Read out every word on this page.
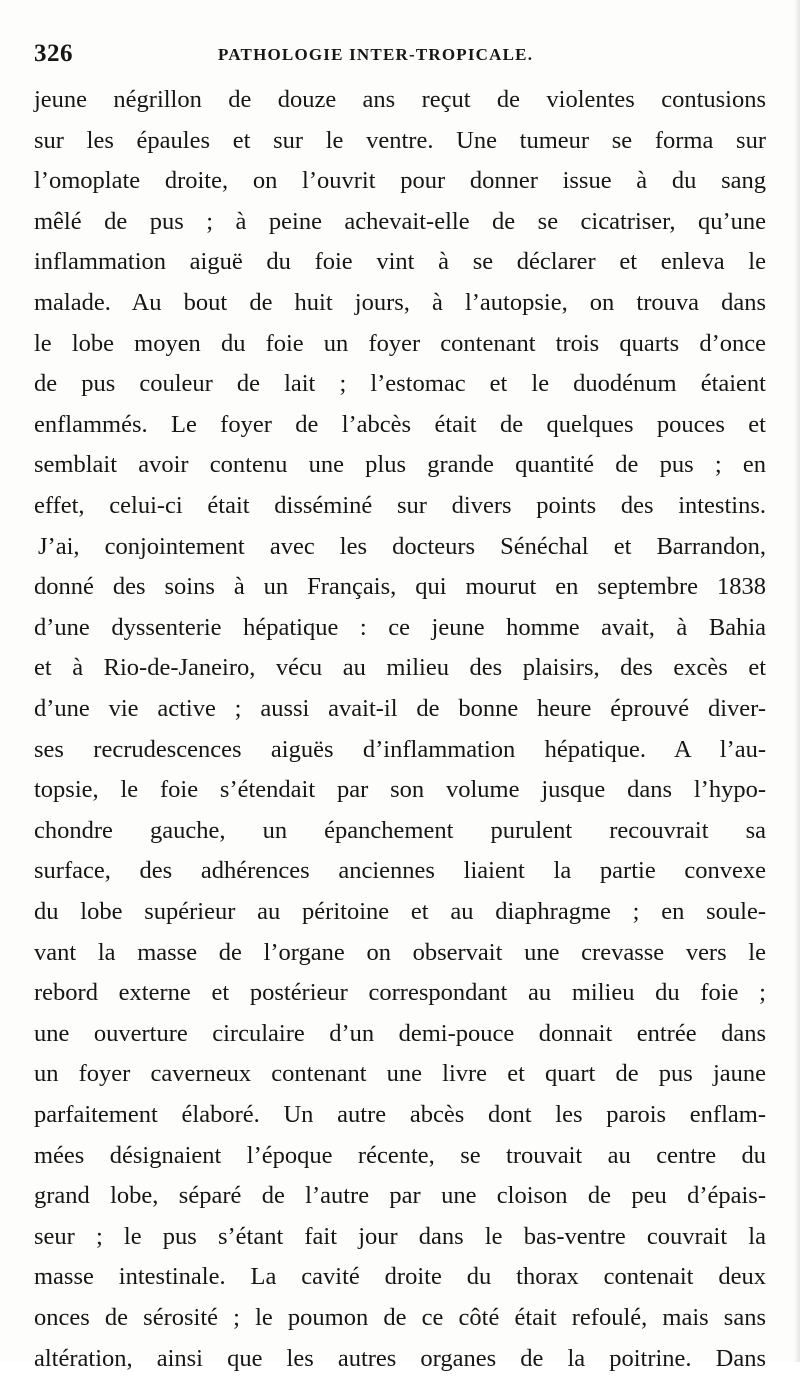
326	PATHOLOGIE INTER-TROPICALE.
jeune négrillon de douze ans reçut de violentes contusions
sur les épaules et sur le ventre. Une tumeur se forma sur
l’omoplate droite, on l’ouvrit pour donner issue à du sang
mêlé de pus ; à peine achevait-elle de se cicatriser, qu’une
inflammation aiguë du foie vint à se déclarer et enleva le
malade. Au bout de huit jours, à l’autopsie, on trouva dans
le lobe moyen du foie un foyer contenant trois quarts d’once
de pus couleur de lait ; l’estomac et le duodénum étaient
enflammés. Le foyer de l’abcès était de quelques pouces et
semblait avoir contenu une plus grande quantité de pus ; en
effet, celui-ci était disséminé sur divers points des intestins.
J’ai, conjointement avec les docteurs Sénéchal et Barrandon,
donné des soins à un Français, qui mourut en septembre 1838
d’une dyssenterie hépatique : ce jeune homme avait, à Bahia
et à Rio-de-Janeiro, vécu au milieu des plaisirs, des excès et
d’une vie active ; aussi avait-il de bonne heure éprouvé diver-
ses recrudescences aiguës d’inflammation hépatique. A l’au-
topsie, le foie s’étendait par son volume jusque dans l’hypo-
chondre gauche, un épanchement purulent recouvrait sa
surface, des adhérences anciennes liaient la partie convexe
du lobe supérieur au péritoine et au diaphragme ; en soule-
vant la masse de l’organe on observait une crevasse vers le
rebord externe et postérieur correspondant au milieu du foie ;
une ouverture circulaire d’un demi-pouce donnait entrée dans
un foyer caverneux contenant une livre et quart de pus jaune
parfaitement élaboré. Un autre abcès dont les parois enflam-
mées désignaient l’époque récente, se trouvait au centre du
grand lobe, séparé de l’autre par une cloison de peu d’épais-
seur ; le pus s’étant fait jour dans le bas-ventre couvrait la
masse intestinale. La cavité droite du thorax contenait deux
onces de sérosité ; le poumon de ce côté était refoulé, mais sans
altération, ainsi que les autres organes de la poitrine. Dans
